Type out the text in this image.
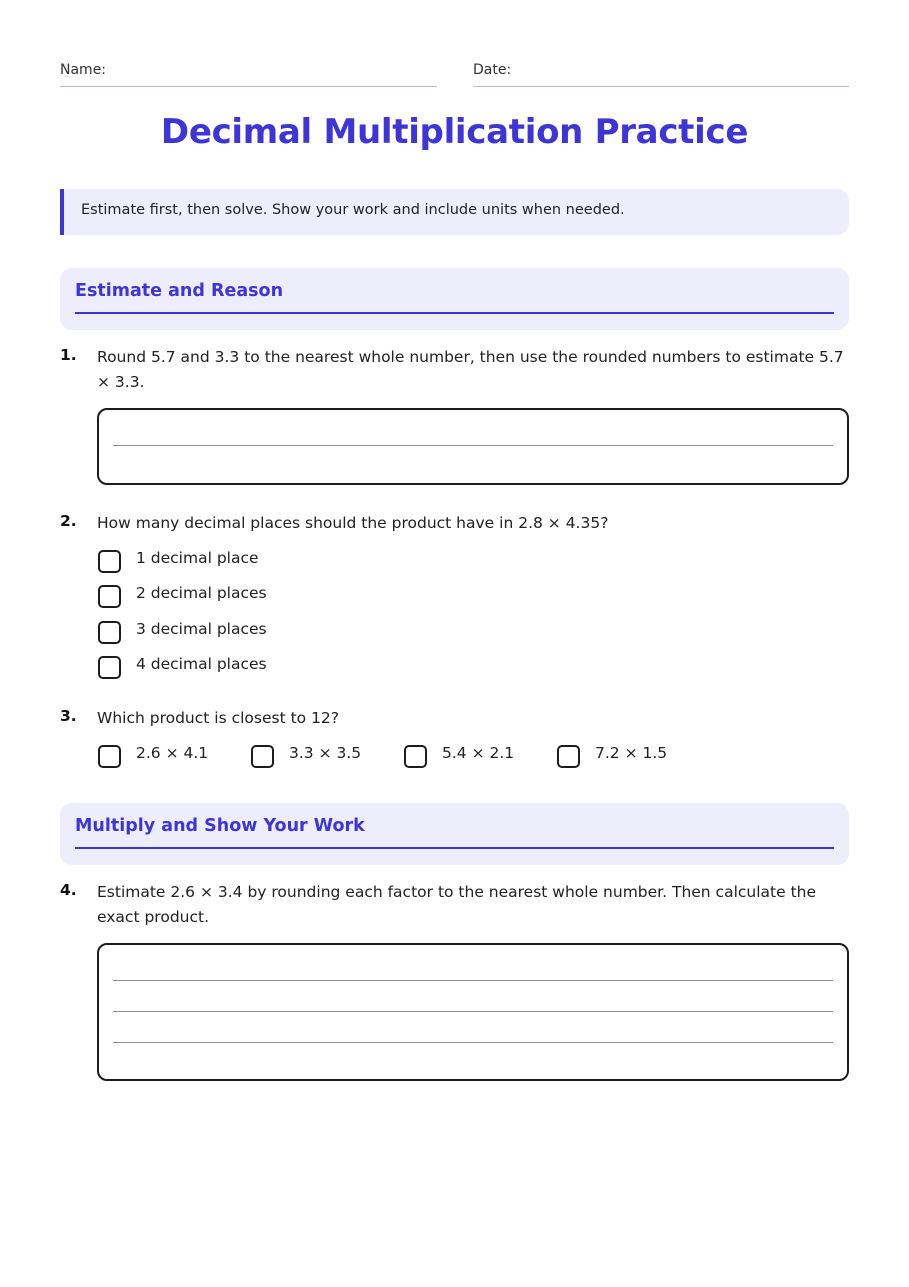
Name:	Date:
Decimal Multiplication Practice
Estimate first, then solve. Show your work and include units when needed.
Estimate and Reason
1. Round 5.7 and 3.3 to the nearest whole number, then use the rounded numbers to estimate 5.7 × 3.3.
2. How many decimal places should the product have in 2.8 × 4.35?
1 decimal place
2 decimal places
3 decimal places
4 decimal places
3. Which product is closest to 12?
2.6 × 4.1	3.3 × 3.5	5.4 × 2.1	7.2 × 1.5
Multiply and Show Your Work
4. Estimate 2.6 × 3.4 by rounding each factor to the nearest whole number. Then calculate the exact product.
